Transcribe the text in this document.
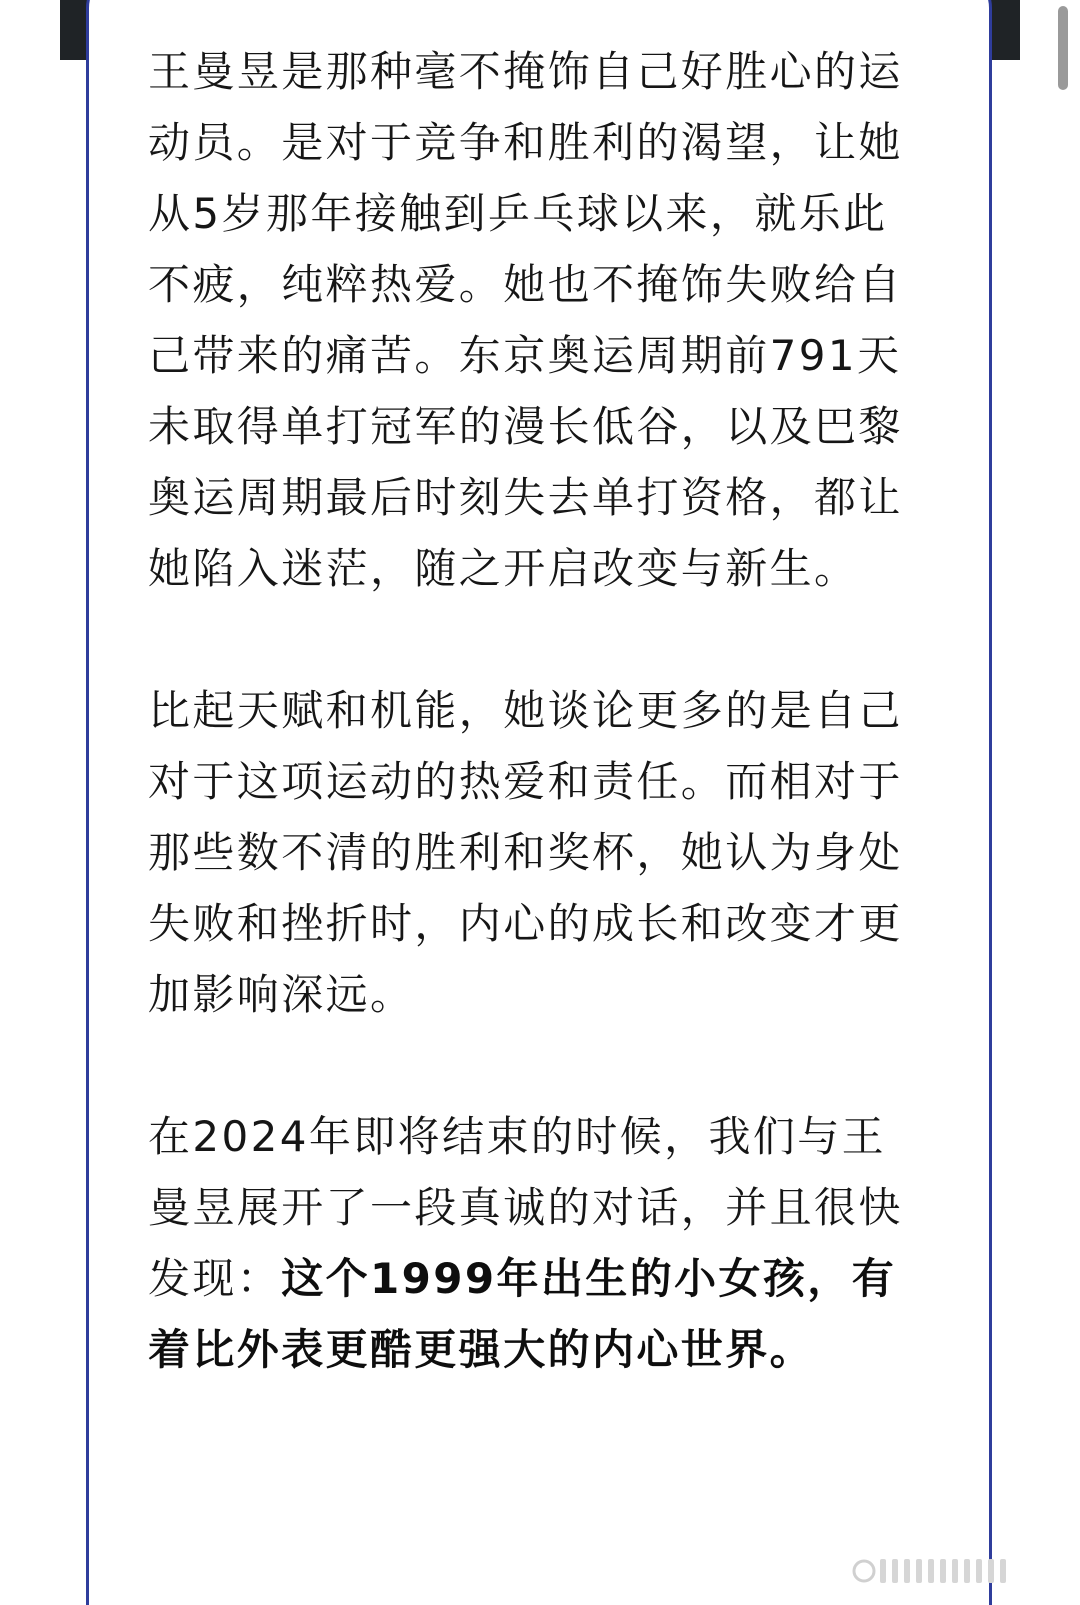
王曼昱是那种毫不掩饰自己好胜心的运动员。是对于竞争和胜利的渴望，让她从5岁那年接触到乒乓球以来，就乐此不疲，纯粹热爱。她也不掩饰失败给自己带来的痛苦。东京奥运周期前791天未取得单打冠军的漫长低谷，以及巴黎奥运周期最后时刻失去单打资格，都让她陷入迷茫，随之开启改变与新生。

比起天赋和机能，她谈论更多的是自己对于这项运动的热爱和责任。而相对于那些数不清的胜利和奖杯，她认为身处失败和挫折时，内心的成长和改变才更加影响深远。

在2024年即将结束的时候，我们与王曼昱展开了一段真诚的对话，并且很快发现：这个1999年出生的小女孩，有着比外表更酷更强大的内心世界。
